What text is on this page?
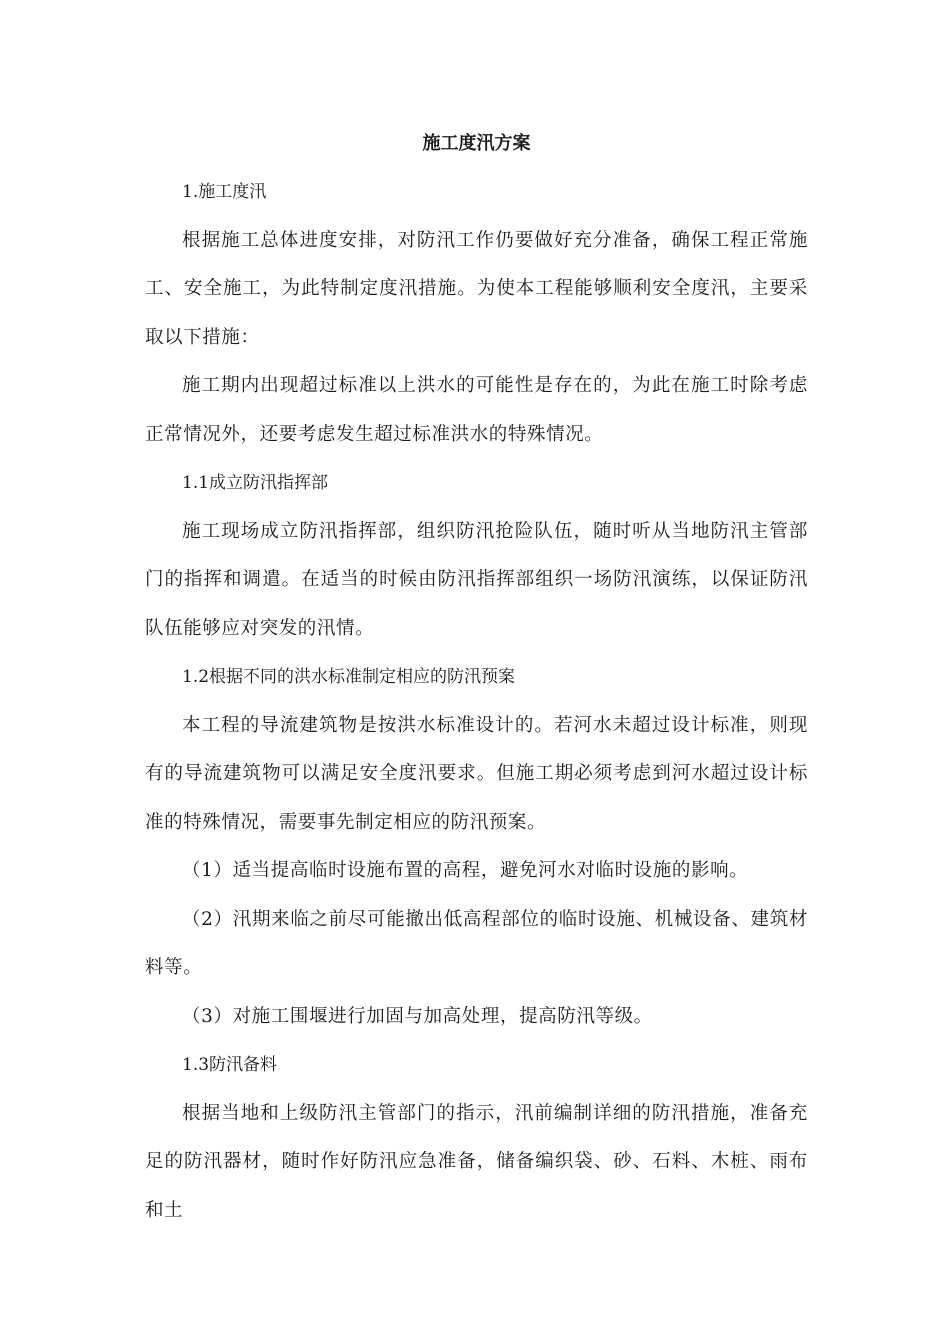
施工度汛方案

1.施工度汛

根据施工总体进度安排，对防汛工作仍要做好充分准备，确保工程正常施工、安全施工，为此特制定度汛措施。为使本工程能够顺利安全度汛，主要采取以下措施：

施工期内出现超过标准以上洪水的可能性是存在的，为此在施工时除考虑正常情况外，还要考虑发生超过标准洪水的特殊情况。

1.1成立防汛指挥部

施工现场成立防汛指挥部，组织防汛抢险队伍，随时听从当地防汛主管部门的指挥和调遣。在适当的时候由防汛指挥部组织一场防汛演练，以保证防汛队伍能够应对突发的汛情。

1.2根据不同的洪水标准制定相应的防汛预案

本工程的导流建筑物是按洪水标准设计的。若河水未超过设计标准，则现有的导流建筑物可以满足安全度汛要求。但施工期必须考虑到河水超过设计标准的特殊情况，需要事先制定相应的防汛预案。

（1）适当提高临时设施布置的高程，避免河水对临时设施的影响。

（2）汛期来临之前尽可能撤出低高程部位的临时设施、机械设备、建筑材料等。

（3）对施工围堰进行加固与加高处理，提高防汛等级。

1.3防汛备料

根据当地和上级防汛主管部门的指示，汛前编制详细的防汛措施，准备充足的防汛器材，随时作好防汛应急准备，储备编织袋、砂、石料、木桩、雨布和土
